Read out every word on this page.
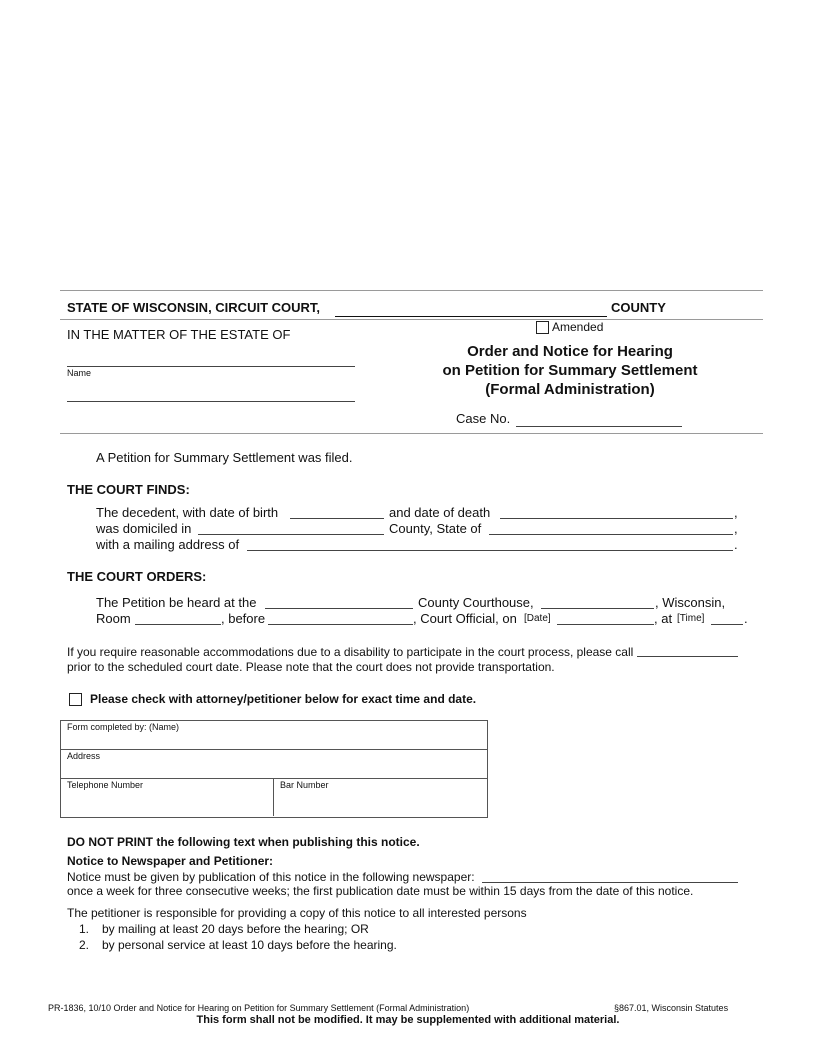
STATE OF WISCONSIN, CIRCUIT COURT,	COUNTY
IN THE MATTER OF THE ESTATE OF
Name
Amended
Order and Notice for Hearing
on Petition for Summary Settlement
(Formal Administration)
Case No.
A Petition for Summary Settlement was filed.
THE COURT FINDS:
The decedent, with date of birth	and date of death	,
was domiciled in	County, State of	,
with a mailing address of	.
THE COURT ORDERS:
The Petition be heard at the	County Courthouse,	, Wisconsin,
Room	, before	, Court Official, on [Date]	, at [Time]	.
If you require reasonable accommodations due to a disability to participate in the court process, please call
prior to the scheduled court date. Please note that the court does not provide transportation.
Please check with attorney/petitioner below for exact time and date.
Form completed by: (Name)
Address
Telephone Number	Bar Number
DO NOT PRINT the following text when publishing this notice.
Notice to Newspaper and Petitioner:
Notice must be given by publication of this notice in the following newspaper:
once a week for three consecutive weeks; the first publication date must be within 15 days from the date of this notice.
The petitioner is responsible for providing a copy of this notice to all interested persons
1. by mailing at least 20 days before the hearing; OR
2. by personal service at least 10 days before the hearing.
PR-1836, 10/10 Order and Notice for Hearing on Petition for Summary Settlement (Formal Administration)	§867.01, Wisconsin Statutes
This form shall not be modified. It may be supplemented with additional material.
